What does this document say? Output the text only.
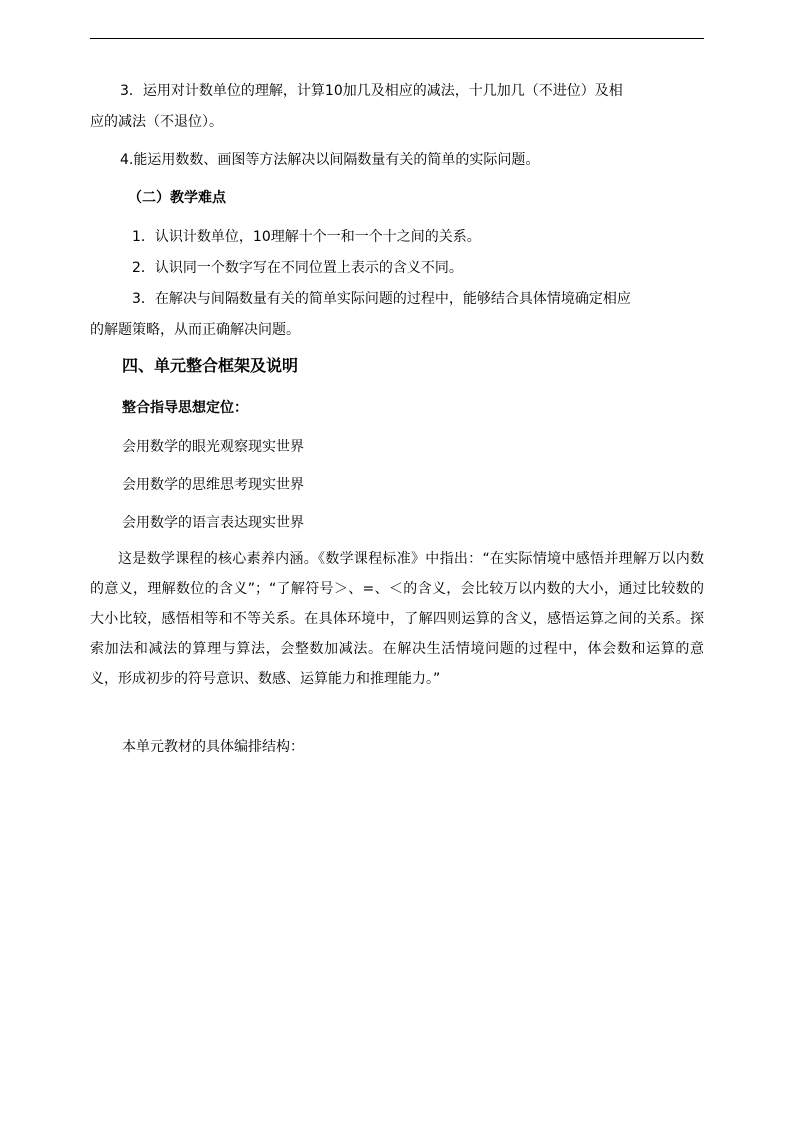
3．运用对计数单位的理解，计算10加几及相应的减法，十几加几（不进位）及相
应的减法（不退位）。
4.能运用数数、画图等方法解决以间隔数量有关的简单的实际问题。
（二）教学难点
1．认识计数单位，10理解十个一和一个十之间的关系。
2．认识同一个数字写在不同位置上表示的含义不同。
3．在解决与间隔数量有关的简单实际问题的过程中，能够结合具体情境确定相应
的解题策略，从而正确解决问题。
四、单元整合框架及说明
整合指导思想定位：
会用数学的眼光观察现实世界
会用数学的思维思考现实世界
会用数学的语言表达现实世界
这是数学课程的核心素养内涵。《数学课程标准》中指出：“在实际情境中感悟并理解万以内数的意义，理解数位的含义”；“了解符号＞、=、＜的含义，会比较万以内数的大小，通过比较数的大小比较，感悟相等和不等关系。在具体环境中，了解四则运算的含义，感悟运算之间的关系。探索加法和减法的算理与算法，会整数加减法。在解决生活情境问题的过程中，体会数和运算的意义，形成初步的符号意识、数感、运算能力和推理能力。”
本单元教材的具体编排结构：
